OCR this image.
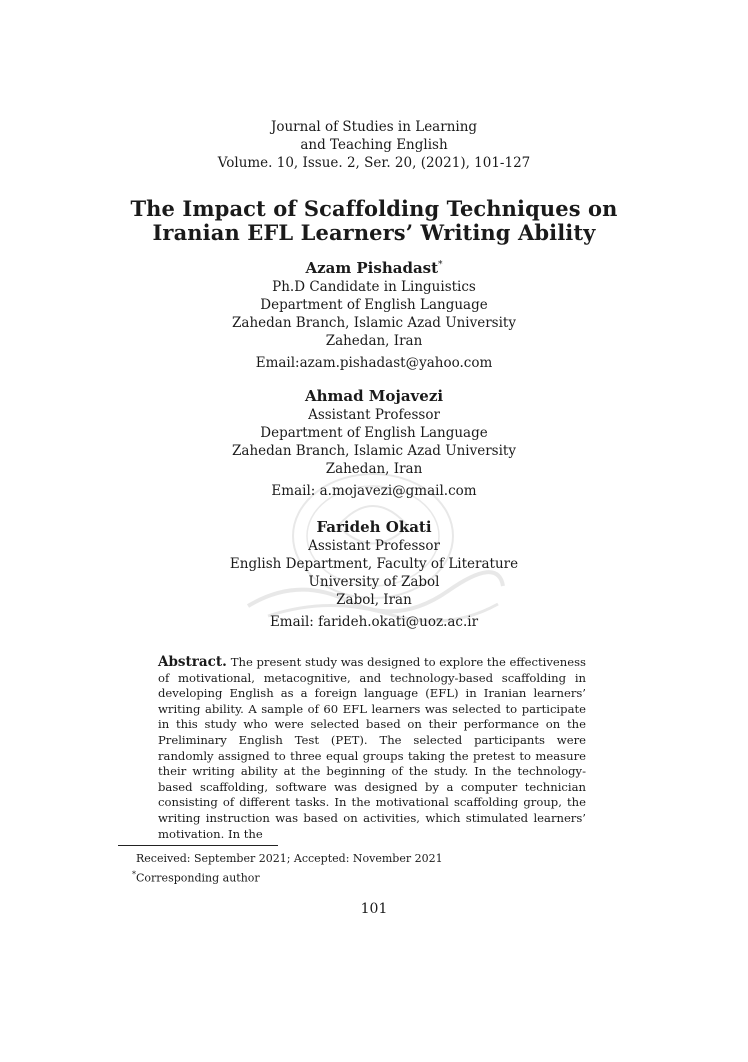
Journal of Studies in Learning
and Teaching English
Volume. 10, Issue. 2, Ser. 20, (2021), 101-127
The Impact of Scaffolding Techniques on
Iranian EFL Learners’ Writing Ability
Azam Pishadast*
Ph.D Candidate in Linguistics
Department of English Language
Zahedan Branch, Islamic Azad University
Zahedan, Iran
Email:azam.pishadast@yahoo.com
Ahmad Mojavezi
Assistant Professor
Department of English Language
Zahedan Branch, Islamic Azad University
Zahedan, Iran
Email: a.mojavezi@gmail.com
Farideh Okati
Assistant Professor
English Department, Faculty of Literature
University of Zabol
Zabol, Iran
Email: farideh.okati@uoz.ac.ir
Abstract. The present study was designed to explore the effectiveness of motivational, metacognitive, and technology-based scaffolding in developing English as a foreign language (EFL) in Iranian learners’ writing ability. A sample of 60 EFL learners was selected to participate in this study who were selected based on their performance on the Preliminary English Test (PET). The selected participants were randomly assigned to three equal groups taking the pretest to measure their writing ability at the beginning of the study. In the technology-based scaffolding, software was designed by a computer technician consisting of different tasks. In the motivational scaffolding group, the writing instruction was based on activities, which stimulated learners’ motivation. In the
Received: September 2021; Accepted: November 2021
*Corresponding author
101
